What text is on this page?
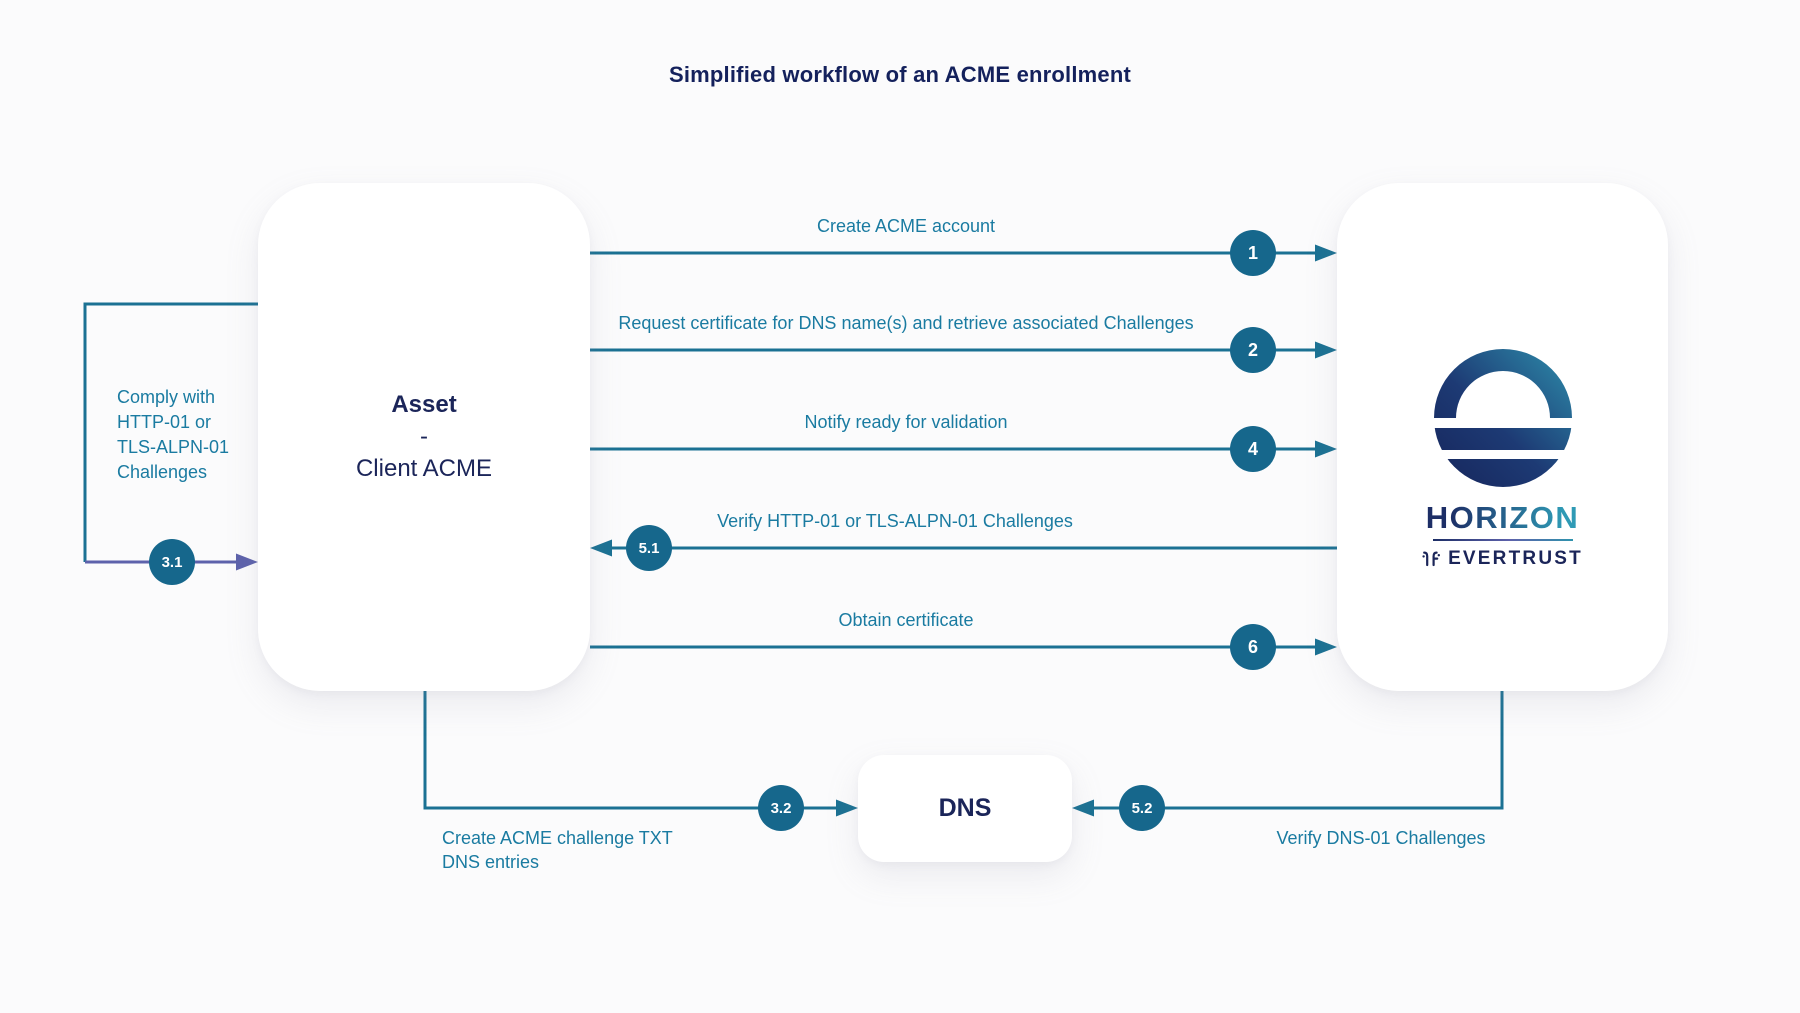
Simplified workflow of an ACME enrollment
Asset
-
Client ACME
HORIZON
EVERTRUST
DNS
Create ACME account
Request certificate for DNS name(s) and retrieve associated Challenges
Notify ready for validation
Verify HTTP-01 or TLS-ALPN-01 Challenges
Obtain certificate
Comply with
HTTP-01 or
TLS-ALPN-01
Challenges
Create ACME challenge TXT
DNS entries
Verify DNS-01 Challenges
1
2
4
5.1
6
3.1
3.2	5.2
